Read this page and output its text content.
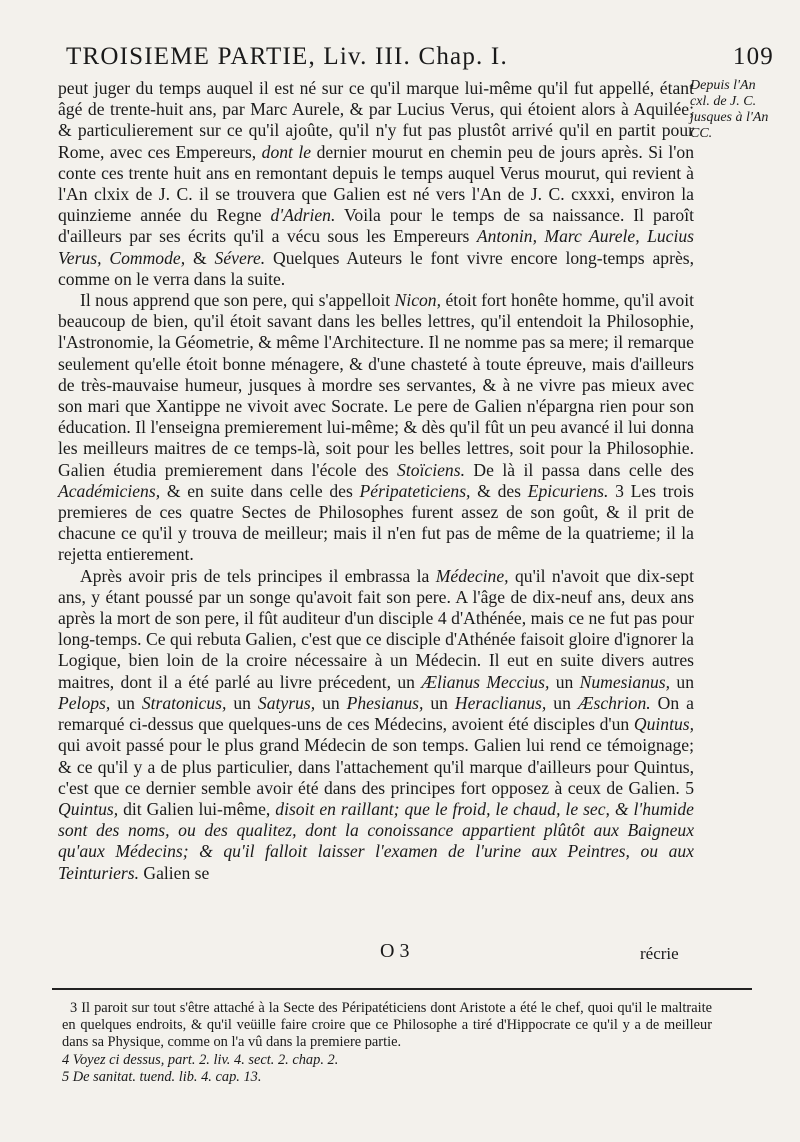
TROISIEME PARTIE, Liv. III. Chap. I.	109
Depuis l'An cxl. de J. C. jusques à l'An CC.

peut juger du temps auquel il est né sur ce qu'il marque lui-même qu'il fut appellé, étant âgé de trente-huit ans, par Marc Aurele, & par Lucius Verus, qui étoient alors à Aquilée; & particulierement sur ce qu'il ajoûte, qu'il n'y fut pas plustôt arrivé qu'il en partit pour Rome, avec ces Empereurs, dont le dernier mourut en chemin peu de jours après. Si l'on conte ces trente huit ans en remontant depuis le temps auquel Verus mourut, qui revient à l'An clxix de J. C. il se trouvera que Galien est né vers l'An de J. C. cxxxi, environ la quinzieme année du Regne d'Adrien. Voila pour le temps de sa naissance. Il paroît d'ailleurs par ses écrits qu'il a vécu sous les Empereurs Antonin, Marc Aurele, Lucius Verus, Commode, & Sévere. Quelques Auteurs le font vivre encore long-temps après, comme on le verra dans la suite.

Il nous apprend que son pere, qui s'appelloit Nicon, étoit fort honête homme, qu'il avoit beaucoup de bien, qu'il étoit savant dans les belles lettres, qu'il entendoit la Philosophie, l'Astronomie, la Géometrie, & même l'Architecture. Il ne nomme pas sa mere; il remarque seulement qu'elle étoit bonne ménagere, & d'une chasteté à toute épreuve, mais d'ailleurs de très-mauvaise humeur, jusques à mordre ses servantes, & à ne vivre pas mieux avec son mari que Xantippe ne vivoit avec Socrate. Le pere de Galien n'épargna rien pour son éducation. Il l'enseigna premierement lui-même; & dès qu'il fût un peu avancé il lui donna les meilleurs maitres de ce temps-là, soit pour les belles lettres, soit pour la Philosophie. Galien étudia premierement dans l'école des Stoïciens. De là il passa dans celle des Académiciens, & en suite dans celle des Péripateticiens, & des Epicuriens. 3 Les trois premieres de ces quatre Sectes de Philosophes furent assez de son goût, & il prit de chacune ce qu'il y trouva de meilleur; mais il n'en fut pas de même de la quatrieme; il la rejetta entierement.

Après avoir pris de tels principes il embrassa la Médecine, qu'il n'avoit que dix-sept ans, y étant poussé par un songe qu'avoit fait son pere. A l'âge de dix-neuf ans, deux ans après la mort de son pere, il fût auditeur d'un disciple 4 d'Athénée, mais ce ne fut pas pour long-temps. Ce qui rebuta Galien, c'est que ce disciple d'Athénée faisoit gloire d'ignorer la Logique, bien loin de la croire nécessaire à un Médecin. Il eut en suite divers autres maitres, dont il a été parlé au livre précedent, un Ælianus Meccius, un Numesianus, un Pelops, un Stratonicus, un Satyrus, un Phesianus, un Heraclianus, un Æschrion. On a remarqué ci-dessus que quelques-uns de ces Médecins, avoient été disciples d'un Quintus, qui avoit passé pour le plus grand Médecin de son temps. Galien lui rend ce témoignage; & ce qu'il y a de plus particulier, dans l'attachement qu'il marque d'ailleurs pour Quintus, c'est que ce dernier semble avoir été dans des principes fort opposez à ceux de Galien. 5 Quintus, dit Galien lui-même, disoit en raillant; que le froid, le chaud, le sec, & l'humide sont des noms, ou des qualitez, dont la conoissance appartient plûtôt aux Baigneux qu'aux Médecins; & qu'il falloit laisser l'examen de l'urine aux Peintres, ou aux Teinturiers. Galien se

O 3	récrie

3 Il paroit sur tout s'être attaché à la Secte des Péripatéticiens dont Aristote a été le chef, quoi qu'il le maltraite en quelques endroits, & qu'il veüille faire croire que ce Philosophe a tiré d'Hippocrate ce qu'il y a de meilleur dans sa Physique, comme on l'a vû dans la premiere partie.

4 Voyez ci dessus, part. 2. liv. 4. sect. 2. chap. 2.

5 De sanitat. tuend. lib. 4. cap. 13.
